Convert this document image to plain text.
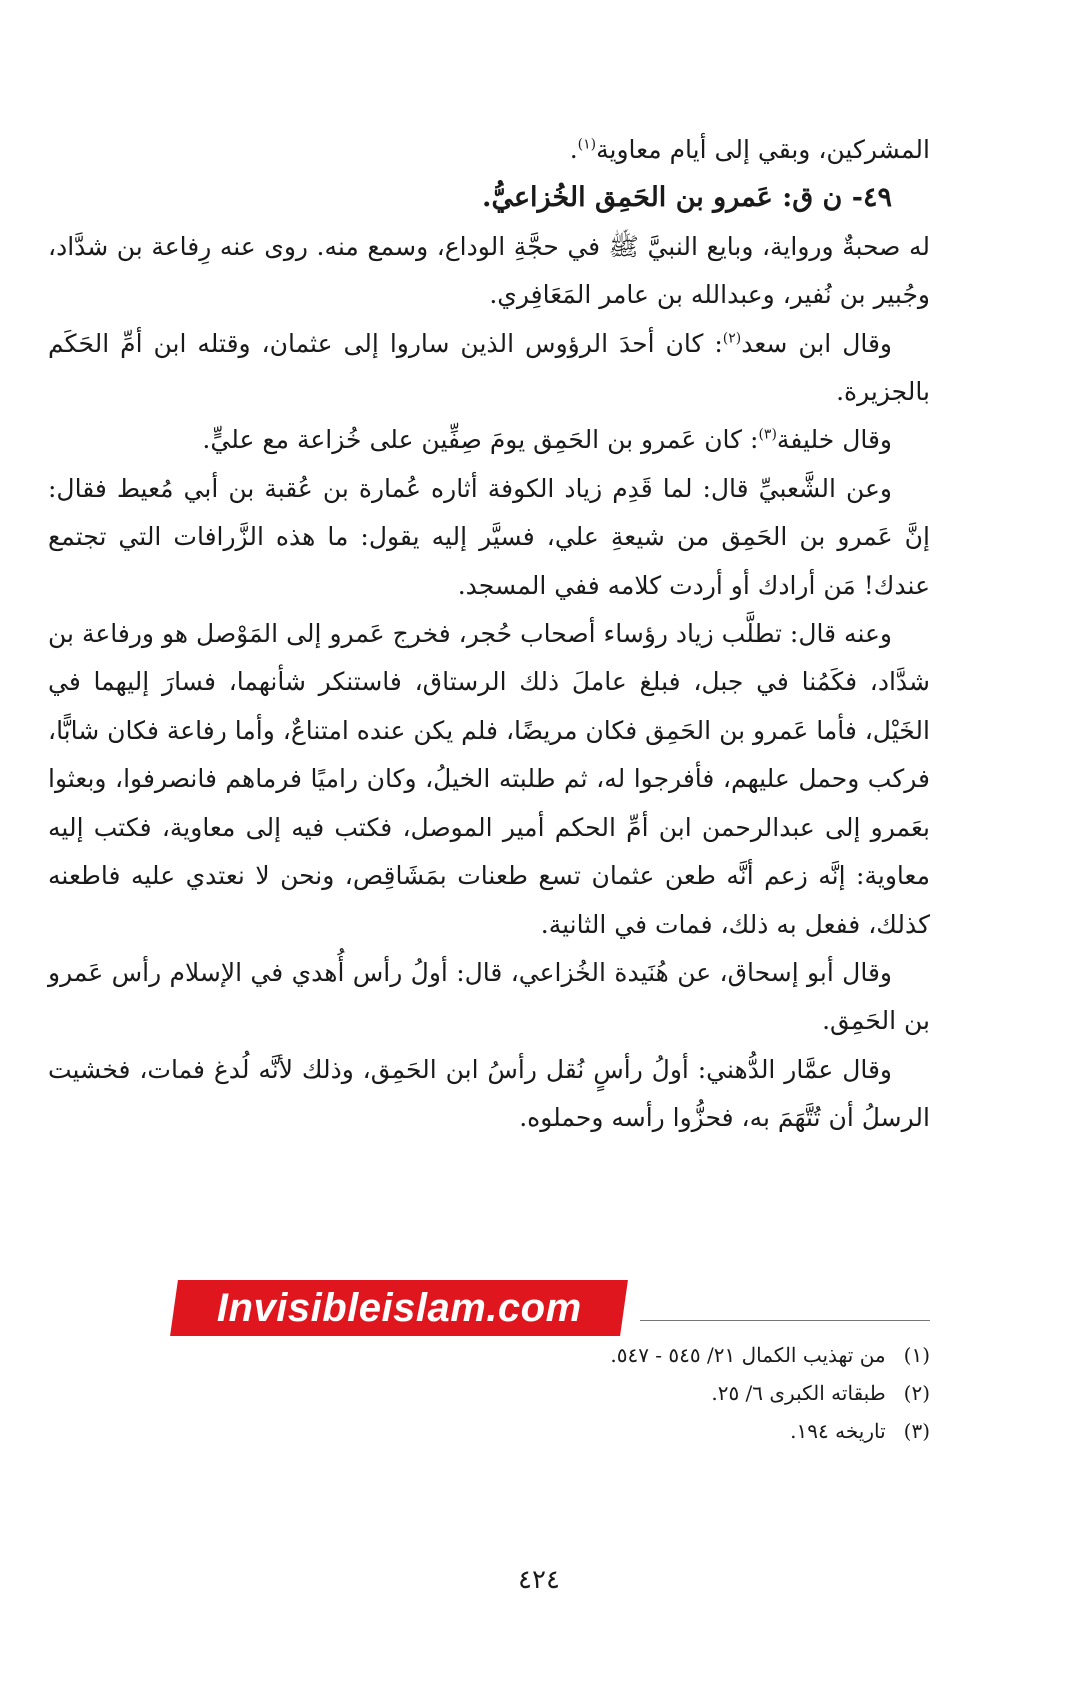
المشركين، وبقي إلى أيام معاوية$^{(١)}$.

٤٩- ن ق: عَمرو بن الحَمِق الخُزاعيُّ.

له صحبةٌ ورواية، وبايع النبيَّ ﷺ في حجَّةِ الوداع، وسمع منه. روى عنه رِفاعة بن شدَّاد، وجُبير بن نُفير، وعبدالله بن عامر المَعَافِري.

وقال ابن سعد$^{(٢)}$: كان أحدَ الرؤوس الذين ساروا إلى عثمان، وقتله ابن أمِّ الحَكَم بالجزيرة.

وقال خليفة$^{(٣)}$: كان عَمرو بن الحَمِق يومَ صِفِّين على خُزاعة مع عليٍّ.

وعن الشَّعبيِّ قال: لما قَدِم زياد الكوفة أثاره عُمارة بن عُقبة بن أبي مُعيط فقال: إنَّ عَمرو بن الحَمِق من شيعةِ علي، فسيَّر إليه يقول: ما هذه الزَّرافات التي تجتمع عندك! مَن أرادك أو أردت كلامه ففي المسجد.

وعنه قال: تطلَّب زياد رؤساء أصحاب حُجر، فخرج عَمرو إلى المَوْصل هو ورفاعة بن شدَّاد، فكَمُنا في جبل، فبلغ عاملَ ذلك الرستاق، فاستنكر شأنهما، فسارَ إليهما في الخَيْل، فأما عَمرو بن الحَمِق فكان مريضًا، فلم يكن عنده امتناعٌ، وأما رفاعة فكان شابًّا، فركب وحمل عليهم، فأفرجوا له، ثم طلبته الخيلُ، وكان راميًا فرماهم فانصرفوا، وبعثوا بعَمرو إلى عبدالرحمن ابن أمِّ الحكم أمير الموصل، فكتب فيه إلى معاوية، فكتب إليه معاوية: إنَّه زعم أنَّه طعن عثمان تسع طعنات بمَشَاقِص، ونحن لا نعتدي عليه فاطعنه كذلك، ففعل به ذلك، فمات في الثانية.

وقال أبو إسحاق، عن هُنَيدة الخُزاعي، قال: أولُ رأس أُهدي في الإسلام رأس عَمرو بن الحَمِق.

وقال عمَّار الدُّهني: أولُ رأسٍ نُقل رأسُ ابن الحَمِق، وذلك لأنَّه لُدغ فمات، فخشيت الرسلُ أن تُتَّهَمَ به، فحزُّوا رأسه وحملوه.

Invisibleislam.com

(١) من تهذيب الكمال ٢١/ ٥٤٥ - ٥٤٧.

(٢) طبقاته الكبرى ٦/ ٢٥.

(٣) تاريخه ١٩٤.

٤٢٤
